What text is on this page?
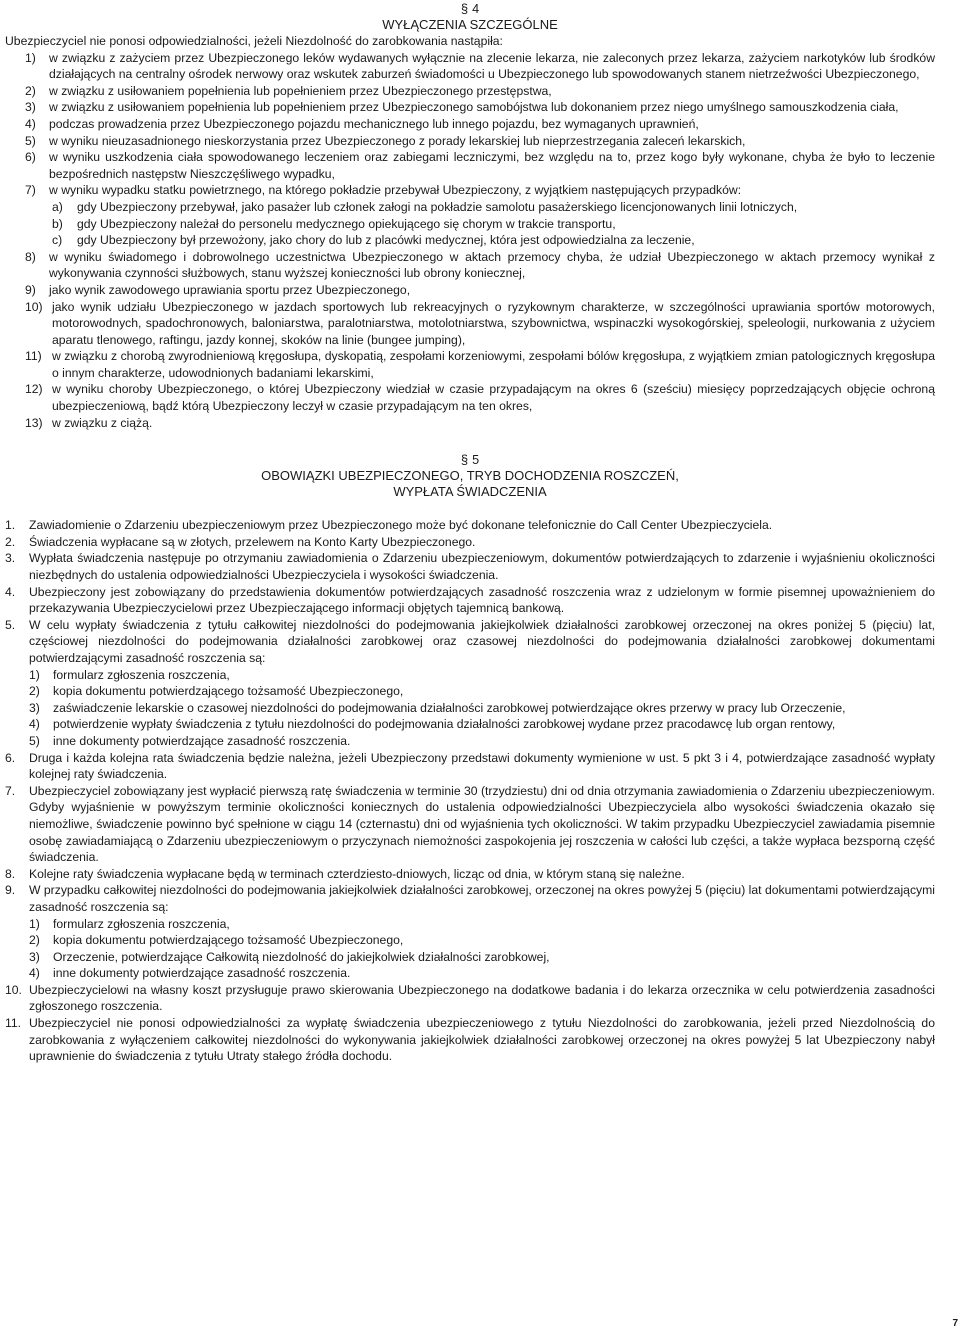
§ 4
WYŁĄCZENIA SZCZEGÓLNE

Ubezpieczyciel nie ponosi odpowiedzialności, jeżeli Niezdolność do zarobkowania nastąpiła:

1) w związku z zażyciem przez Ubezpieczonego leków wydawanych wyłącznie na zlecenie lekarza, nie zaleconych przez lekarza, zażyciem narkotyków lub środków działających na centralny ośrodek nerwowy oraz wskutek zaburzeń świadomości u Ubezpieczonego lub spowodowanych stanem nietrzeźwości Ubezpieczonego,
2) w związku z usiłowaniem popełnienia lub popełnieniem przez Ubezpieczonego przestępstwa,
3) w związku z usiłowaniem popełnienia lub popełnieniem przez Ubezpieczonego samobójstwa lub dokonaniem przez niego umyślnego samouszkodzenia ciała,
4) podczas prowadzenia przez Ubezpieczonego pojazdu mechanicznego lub innego pojazdu, bez wymaganych uprawnień,
5) w wyniku nieuzasadnionego nieskorzystania przez Ubezpieczonego z porady lekarskiej lub nieprzestrzegania zaleceń lekarskich,
6) w wyniku uszkodzenia ciała spowodowanego leczeniem oraz zabiegami leczniczymi, bez względu na to, przez kogo były wykonane, chyba że było to leczenie bezpośrednich następstw Nieszczęśliwego wypadku,
7) w wyniku wypadku statku powietrznego, na którego pokładzie przebywał Ubezpieczony, z wyjątkiem następujących przypadków:
a) gdy Ubezpieczony przebywał, jako pasażer lub członek załogi na pokładzie samolotu pasażerskiego licencjonowanych linii lotniczych,
b) gdy Ubezpieczony należał do personelu medycznego opiekującego się chorym w trakcie transportu,
c) gdy Ubezpieczony był przewożony, jako chory do lub z placówki medycznej, która jest odpowiedzialna za leczenie,
8) w wyniku świadomego i dobrowolnego uczestnictwa Ubezpieczonego w aktach przemocy chyba, że udział Ubezpieczonego w aktach przemocy wynikał z wykonywania czynności służbowych, stanu wyższej konieczności lub obrony koniecznej,
9) jako wynik zawodowego uprawiania sportu przez Ubezpieczonego,
10) jako wynik udziału Ubezpieczonego w jazdach sportowych lub rekreacyjnych o ryzykownym charakterze, w szczególności uprawiania sportów motorowych, motorowodnych, spadochronowych, baloniarstwa, paralotniarstwa, motolotniarstwa, szybownictwa, wspinaczki wysokogórskiej, speleologii, nurkowania z użyciem aparatu tlenowego, raftingu, jazdy konnej, skoków na linie (bungee jumping),
11) w związku z chorobą zwyrodnieniową kręgosłupa, dyskopatią, zespołami korzeniowymi, zespołami bólów kręgosłupa, z wyjątkiem zmian patologicznych kręgosłupa o innym charakterze, udowodnionych badaniami lekarskimi,
12) w wyniku choroby Ubezpieczonego, o której Ubezpieczony wiedział w czasie przypadającym na okres 6 (sześciu) miesięcy poprzedzających objęcie ochroną ubezpieczeniową, bądź którą Ubezpieczony leczył w czasie przypadającym na ten okres,
13) w związku z ciążą.
§ 5
OBOWIĄZKI UBEZPIECZONEGO, TRYB DOCHODZENIA ROSZCZEŃ,
WYPŁATA ŚWIADCZENIA
1. Zawiadomienie o Zdarzeniu ubezpieczeniowym przez Ubezpieczonego może być dokonane telefonicznie do Call Center Ubezpieczyciela.
2. Świadczenia wypłacane są w złotych, przelewem na Konto Karty Ubezpieczonego.
3. Wypłata świadczenia następuje po otrzymaniu zawiadomienia o Zdarzeniu ubezpieczeniowym, dokumentów potwierdzających to zdarzenie i wyjaśnieniu okoliczności niezbędnych do ustalenia odpowiedzialności Ubezpieczyciela i wysokości świadczenia.
4. Ubezpieczony jest zobowiązany do przedstawienia dokumentów potwierdzających zasadność roszczenia wraz z udzielonym w formie pisemnej upoważnieniem do przekazywania Ubezpieczycielowi przez Ubezpieczającego informacji objętych tajemnicą bankową.
5. W celu wypłaty świadczenia z tytułu całkowitej niezdolności do podejmowania jakiejkolwiek działalności zarobkowej orzeczonej na okres poniżej 5 (pięciu) lat, częściowej niezdolności do podejmowania działalności zarobkowej oraz czasowej niezdolności do podejmowania działalności zarobkowej dokumentami potwierdzającymi zasadność roszczenia są:
1) formularz zgłoszenia roszczenia,
2) kopia dokumentu potwierdzającego tożsamość Ubezpieczonego,
3) zaświadczenie lekarskie o czasowej niezdolności do podejmowania działalności zarobkowej potwierdzające okres przerwy w pracy lub Orzeczenie,
4) potwierdzenie wypłaty świadczenia z tytułu niezdolności do podejmowania działalności zarobkowej wydane przez pracodawcę lub organ rentowy,
5) inne dokumenty potwierdzające zasadność roszczenia.
6. Druga i każda kolejna rata świadczenia będzie należna, jeżeli Ubezpieczony przedstawi dokumenty wymienione w ust. 5 pkt 3 i 4, potwierdzające zasadność wypłaty kolejnej raty świadczenia.
7. Ubezpieczyciel zobowiązany jest wypłacić pierwszą ratę świadczenia w terminie 30 (trzydziestu) dni od dnia otrzymania zawiadomienia o Zdarzeniu ubezpieczeniowym. Gdyby wyjaśnienie w powyższym terminie okoliczności koniecznych do ustalenia odpowiedzialności Ubezpieczyciela albo wysokości świadczenia okazało się niemożliwe, świadczenie powinno być spełnione w ciągu 14 (czternastu) dni od wyjaśnienia tych okoliczności. W takim przypadku Ubezpieczyciel zawiadamia pisemnie osobę zawiadamiającą o Zdarzeniu ubezpieczeniowym o przyczynach niemożności zaspokojenia jej roszczenia w całości lub części, a także wypłaca bezsporną część świadczenia.
8. Kolejne raty świadczenia wypłacane będą w terminach czterdziesto-dniowych, licząc od dnia, w którym staną się należne.
9. W przypadku całkowitej niezdolności do podejmowania jakiejkolwiek działalności zarobkowej, orzeczonej na okres powyżej 5 (pięciu) lat dokumentami potwierdzającymi zasadność roszczenia są:
1) formularz zgłoszenia roszczenia,
2) kopia dokumentu potwierdzającego tożsamość Ubezpieczonego,
3) Orzeczenie, potwierdzające Całkowitą niezdolność do jakiejkolwiek działalności zarobkowej,
4) inne dokumenty potwierdzające zasadność roszczenia.
10. Ubezpieczycielowi na własny koszt przysługuje prawo skierowania Ubezpieczonego na dodatkowe badania i do lekarza orzecznika w celu potwierdzenia zasadności zgłoszonego roszczenia.
11. Ubezpieczyciel nie ponosi odpowiedzialności za wypłatę świadczenia ubezpieczeniowego z tytułu Niezdolności do zarobkowania, jeżeli przed Niezdolnością do zarobkowania z wyłączeniem całkowitej niezdolności do wykonywania jakiejkolwiek działalności zarobkowej orzeczonej na okres powyżej 5 lat Ubezpieczony nabył uprawnienie do świadczenia z tytułu Utraty stałego źródła dochodu.
7
